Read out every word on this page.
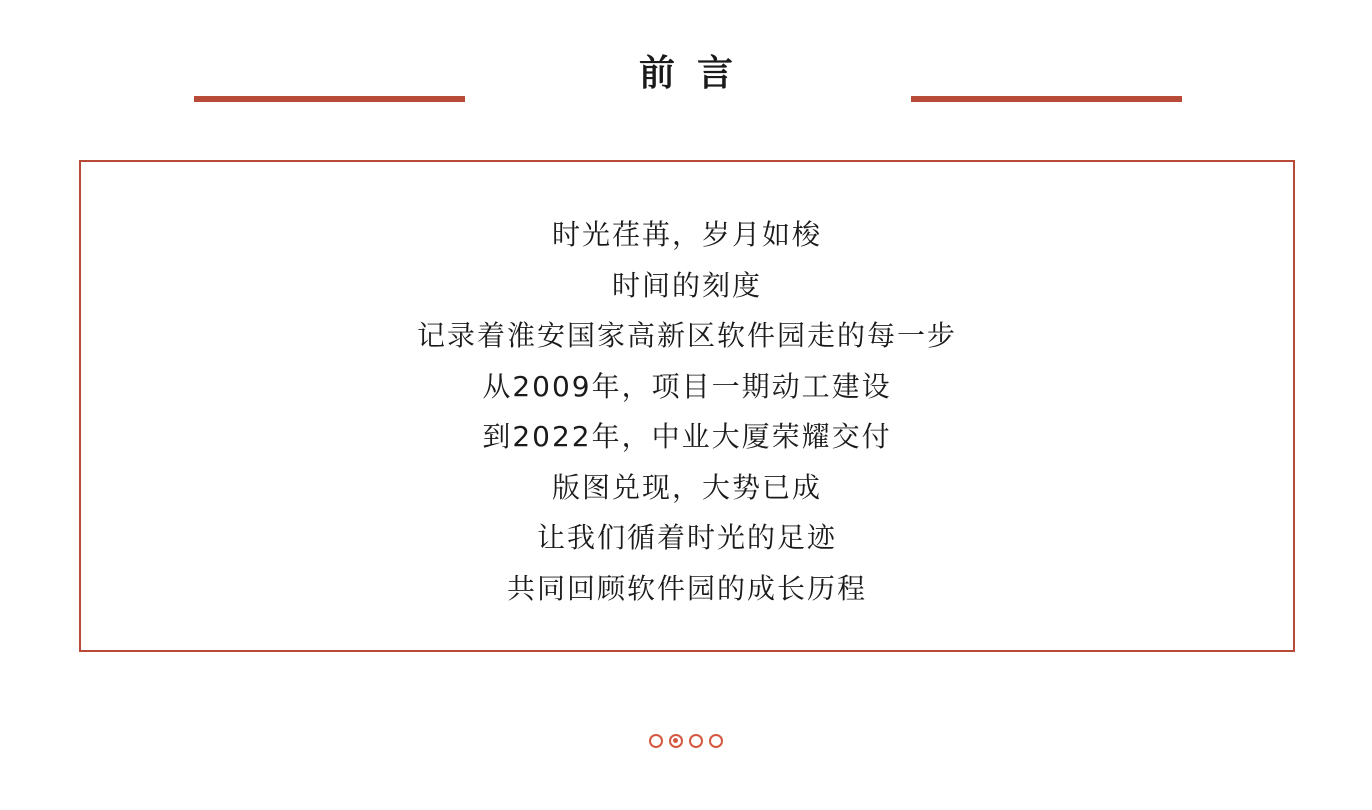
前言
时光荏苒，岁月如梭
时间的刻度
记录着淮安国家高新区软件园走的每一步
从2009年，项目一期动工建设
到2022年，中业大厦荣耀交付
版图兑现，大势已成
让我们循着时光的足迹
共同回顾软件园的成长历程
